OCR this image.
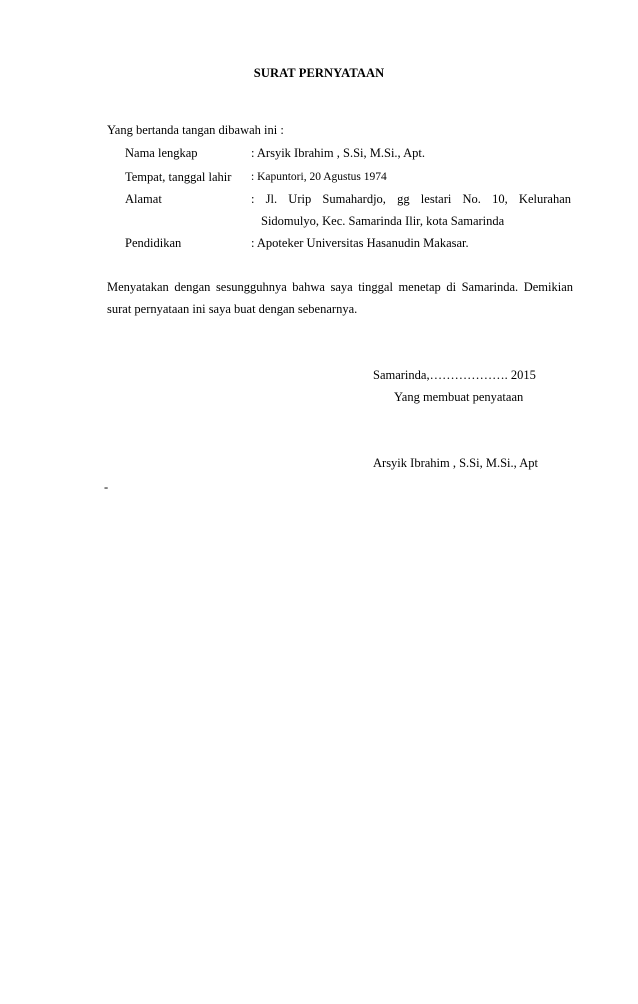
SURAT PERNYATAAN
Yang bertanda tangan dibawah ini :
Nama lengkap	: Arsyik Ibrahim , S.Si, M.Si., Apt.
Tempat, tanggal lahir : Kapuntori, 20 Agustus 1974
Alamat	: Jl. Urip Sumahardjo, gg lestari No. 10, Kelurahan
Sidomulyo, Kec. Samarinda Ilir, kota Samarinda
Pendidikan	: Apoteker Universitas Hasanudin Makasar.
Menyatakan dengan sesungguhnya bahwa saya tinggal menetap di Samarinda. Demikian
surat pernyataan ini saya buat dengan sebenarnya.
Samarinda,………………. 2015
Yang membuat penyataan
Arsyik Ibrahim , S.Si, M.Si., Apt
-
